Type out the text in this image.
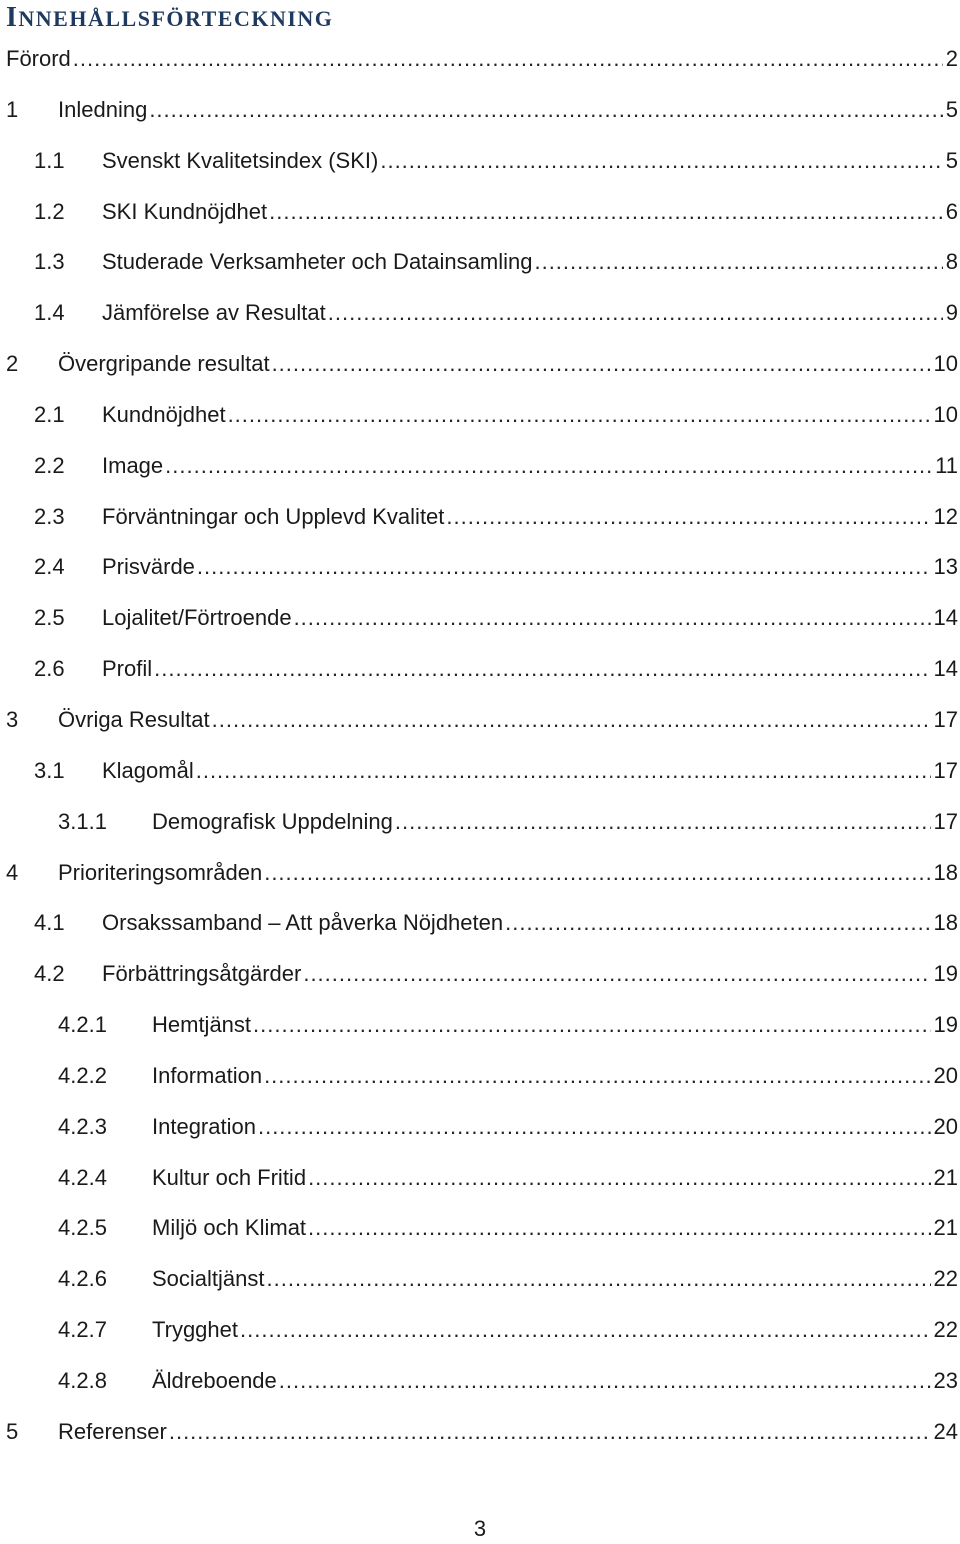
INNEHÅLLSFÖRTECKNING
Förord .....	2
1	Inledning .....	5
1.1	Svenskt Kvalitetsindex (SKI) .....	5
1.2	SKI Kundnöjdhet .....	6
1.3	Studerade Verksamheter och Datainsamling .....	8
1.4	Jämförelse av Resultat .....	9
2	Övergripande resultat .....	10
2.1	Kundnöjdhet .....	10
2.2	Image .....	11
2.3	Förväntningar och Upplevd Kvalitet .....	12
2.4	Prisvärde .....	13
2.5	Lojalitet/Förtroende .....	14
2.6	Profil .....	14
3	Övriga Resultat .....	17
3.1	Klagomål .....	17
3.1.1	Demografisk Uppdelning .....	17
4	Prioriteringsområden .....	18
4.1	Orsakssamband – Att påverka Nöjdheten .....	18
4.2	Förbättringsåtgärder .....	19
4.2.1	Hemtjänst .....	19
4.2.2	Information .....	20
4.2.3	Integration .....	20
4.2.4	Kultur och Fritid .....	21
4.2.5	Miljö och Klimat .....	21
4.2.6	Socialtjänst .....	22
4.2.7	Trygghet .....	22
4.2.8	Äldreboende .....	23
5	Referenser .....	24
3
